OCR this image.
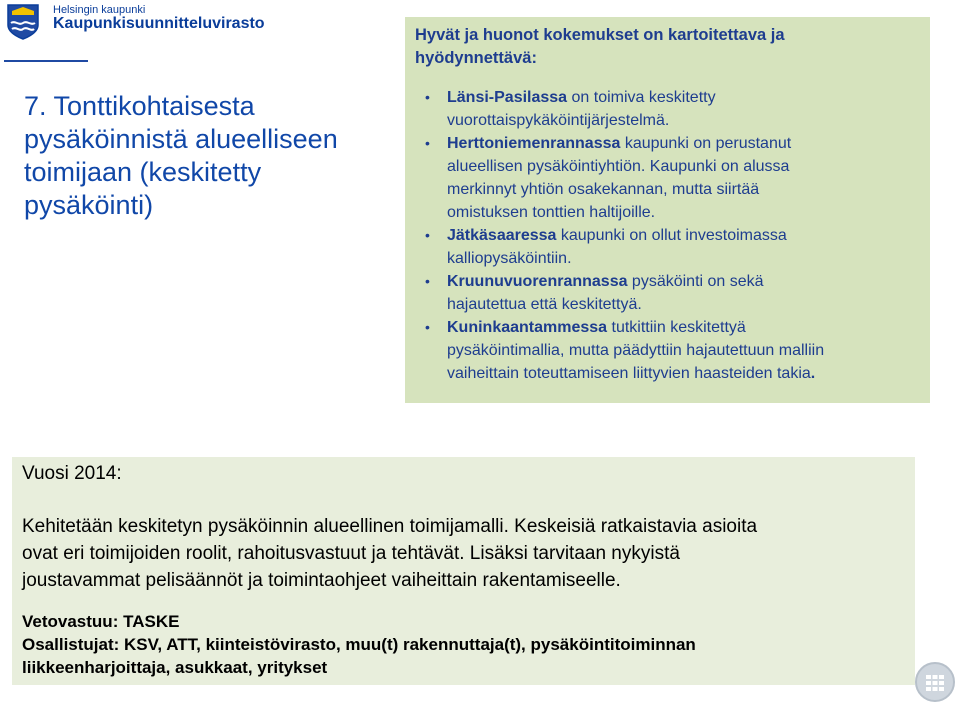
Helsingin kaupunki
Kaupunkisuunnitteluvirasto
7. Tonttikohtaisesta
pysäköinnistä alueelliseen
toimijaan (keskitetty
pysäköinti)
Hyvät ja huonot kokemukset on kartoitettava ja
hyödynnettävä:
• Länsi-Pasilassa on toimiva keskitetty
vuorottaispykäköintijärjestelmä.
• Herttoniemenrannassa kaupunki on perustanut
alueellisen pysäköintiyhtiön. Kaupunki on alussa
merkinnyt yhtiön osakekannan, mutta siirtää
omistuksen tonttien haltijoille.
• Jätkäsaaressa kaupunki on ollut investoimassa
kalliopysäköintiin.
• Kruunuvuorenrannassa pysäköinti on sekä
hajautettua että keskitettyä.
• Kuninkaantammessa tutkittiin keskitettyä
pysäköintimallia, mutta päädyttiin hajautettuun malliin
vaiheittain toteuttamiseen liittyvien haasteiden takia.
Vuosi 2014:
Kehitetään keskitetyn pysäköinnin alueellinen toimijamalli. Keskeisiä ratkaistavia asioita
ovat eri toimijoiden roolit, rahoitusvastuut ja tehtävät. Lisäksi tarvitaan nykyistä
joustavammat pelisäännöt ja toimintaohjeet vaiheittain rakentamiseelle.
Vetovastuu: TASKE
Osallistujat: KSV, ATT, kiinteistövirasto, muu(t) rakennuttaja(t), pysäköintitoiminnan
liikkeenharjoittaja, asukkaat, yritykset
